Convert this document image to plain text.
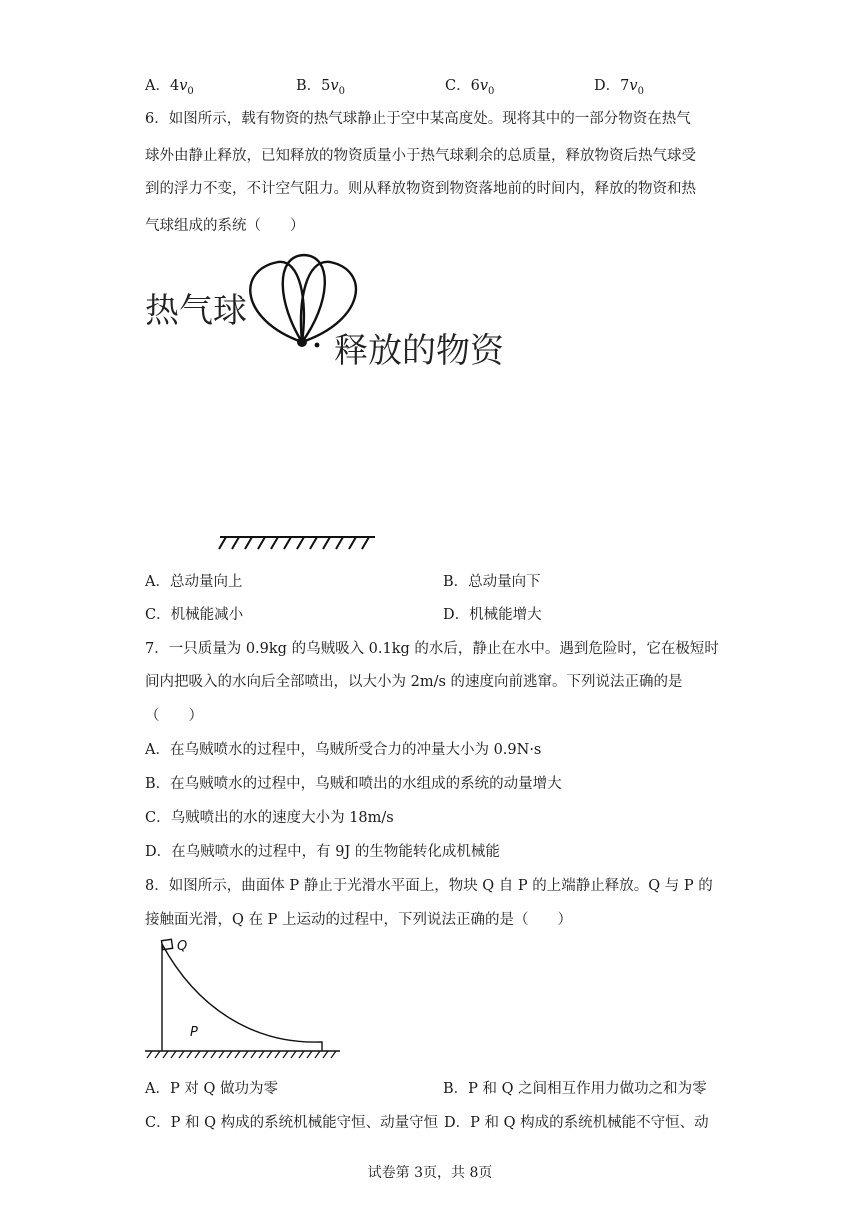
A．$4v_0$	B．$5v_0$	C．$6v_0$	D．$7v_0$
6．如图所示，载有物资的热气球静止于空中某高度处。现将其中的一部分物资在热气
球外由静止释放，已知释放的物资质量小于热气球剩余的总质量，释放物资后热气球受
到的浮力不变，不计空气阻力。则从释放物资到物资落地前的时间内，释放的物资和热
气球组成的系统（　　）
热气球
释放的物资
A．总动量向上	B．总动量向下
C．机械能减小	D．机械能增大
7．一只质量为 0.9kg 的乌贼吸入 0.1kg 的水后，静止在水中。遇到危险时，它在极短时
间内把吸入的水向后全部喷出，以大小为 2m/s 的速度向前逃窜。下列说法正确的是
（　　）
A．在乌贼喷水的过程中，乌贼所受合力的冲量大小为 0.9N·s
B．在乌贼喷水的过程中，乌贼和喷出的水组成的系统的动量增大
C．乌贼喷出的水的速度大小为 18m/s
D．在乌贼喷水的过程中，有 9J 的生物能转化成机械能
8．如图所示，曲面体 P 静止于光滑水平面上，物块 Q 自 P 的上端静止释放。Q 与 P 的
接触面光滑，Q 在 P 上运动的过程中，下列说法正确的是（　　）
Q
P
A．P 对 Q 做功为零	B．P 和 Q 之间相互作用力做功之和为零
C．P 和 Q 构成的系统机械能守恒、动量守恒 D．P 和 Q 构成的系统机械能不守恒、动
试卷第 3页，共 8页
